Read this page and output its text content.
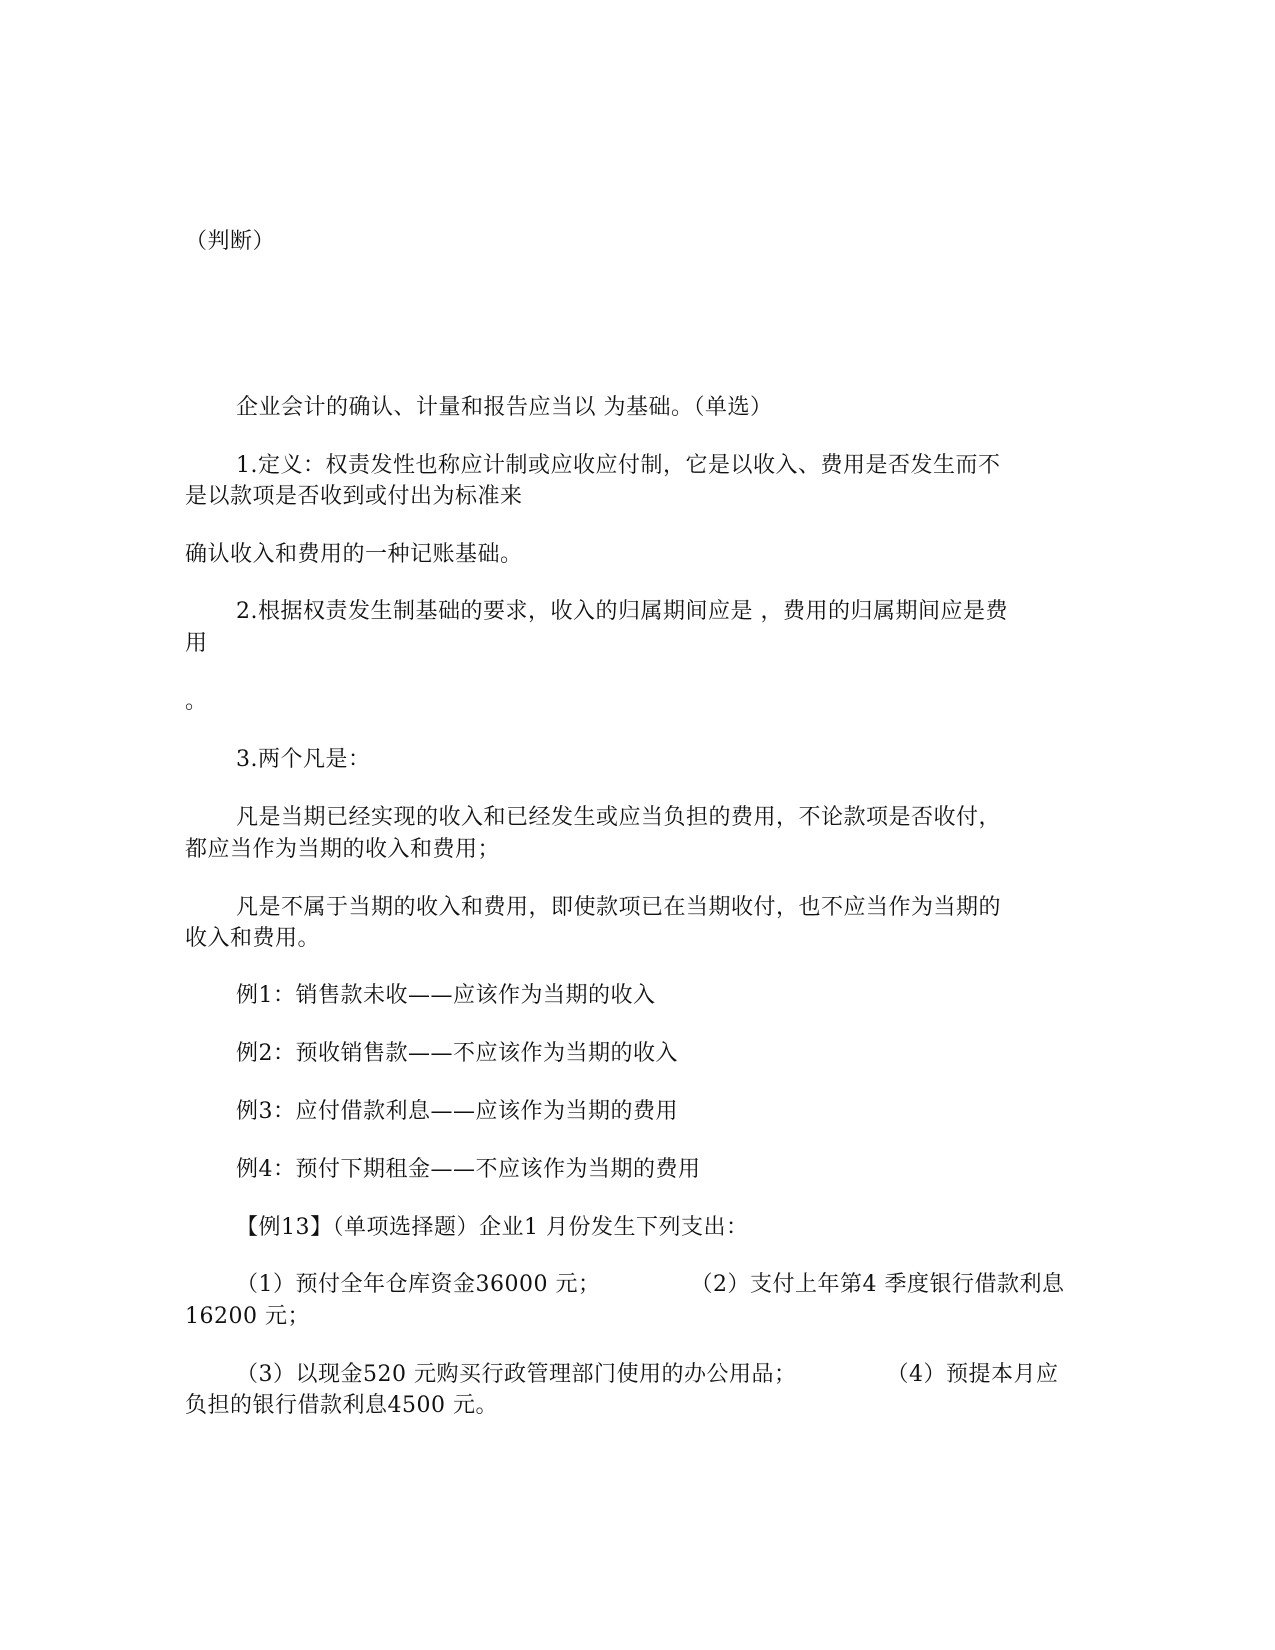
（判断）

企业会计的确认、计量和报告应当以 为基础。（单选）

1.定义：权责发性也称应计制或应收应付制，它是以收入、费用是否发生而不

是以款项是否收到或付出为标准来

确认收入和费用的一种记账基础。

2.根据权责发生制基础的要求，收入的归属期间应是 ，费用的归属期间应是费

用

。

3.两个凡是：

凡是当期已经实现的收入和已经发生或应当负担的费用，不论款项是否收付，

都应当作为当期的收入和费用；

凡是不属于当期的收入和费用，即使款项已在当期收付，也不应当作为当期的

收入和费用。

例1：销售款未收——应该作为当期的收入

例2：预收销售款——不应该作为当期的收入

例3：应付借款利息——应该作为当期的费用

例4：预付下期租金——不应该作为当期的费用

【例13】（单项选择题）企业1 月份发生下列支出：

（1）预付全年仓库资金36000 元；	（2）支付上年第4 季度银行借款利息

16200 元；

（3）以现金520 元购买行政管理部门使用的办公用品；	（4）预提本月应

负担的银行借款利息4500 元。
